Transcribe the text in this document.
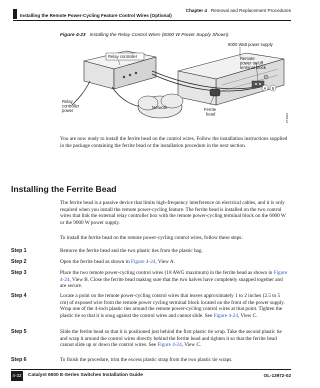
Chapter 4 Removal and Replacement Procedures
Installing the Remote Power-Cycling Feature Control Wires (Optional)
Figure 4-23 Installing the Relay Control Wires (6000 W Power Supply Shown)
A B
6000 Watt power supply
Remote power on/off terminal block
Relay controller
Relay controller power
Network	Ferrite bead	274662

You are now ready to install the ferrite bead on the control wires. Follow the installation instructions supplied in the package containing the ferrite bead or the installation procedure in the next section.

Installing the Ferrite Bead

The ferrite bead is a passive device that limits high-frequency interference on electrical cables, and it is only required when you install the remote power-cycling feature. The ferrite bead is installed on the two control wires that link the external relay controller box with the remote power-cycling terminal block on the 6000 W or the 9000 W power supply.

To install the ferrite bead on the remote power-cycling control wires, follow these steps:

Step 1	Remove the ferrite bead and the two plastic ties from the plastic bag.
Step 2	Open the ferrite bead as shown in Figure 4-24, View A.
Step 3	Place the two remote power-cycling control wires (18 AWG maximum) in the ferrite bead as shown in Figure 4-24, View B. Close the ferrite bead making sure that the two halves have completely snapped together and are secure.
Step 4	Locate a point on the remote power-cycling control wires that leaves approximately 1 to 2 inches (2.5 to 5 cm) of exposed wire from the remote power cycling terminal block located on the front of the power supply. Wrap one of the 4-inch plastic ties around the remote power-cycling control wires at that point. Tighten the plastic tie so that it is snug against the control wires and cannot slide. See Figure 4-24, View C.
Step 5	Slide the ferrite bead so that it is positioned just behind the first plastic tie wrap. Take the second plastic tie and wrap it around the control wires directly behind the ferrite bead and tighten it so that the ferrite bead cannot slide up or down the control wires. See Figure 4-24, View C.
Step 6	To finish the procedure, trim the excess plastic strap from the two plastic tie wraps.
4-32 Catalyst 6500 E-Series Switches Installation Guide	OL-13972-02
